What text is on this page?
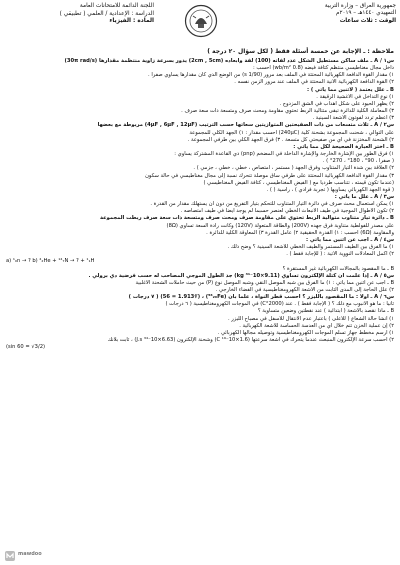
جمهورية العراق – وزارة التربية
التمهيدي ١٤٤٠هـ – ٢٠١٩م
الوقت : ثلاث ساعات
اللجنة الدائمة للامتحانات العامة
الدراسة : الإعدادية / العلمي ( تطبيقي )
المادة : الفيزياء
ملاحظة : ـ الإجابة عن خمسة أسئلة فقط ( لكل سؤال ٢٠ درجة )

س١ / A ـ ملف ساكن مستطيل الشكل عدد لفاته (100) لفة وأبعاده (2cm , 5cm) يدور بسرعة زاوية منتظمة مقدارها (30π rad/s)

داخل مجال مغناطيسي منتظم كثافة فيضه (0.8 wb/m²) احسب :

١) مقدار القوة الدافعة الكهربائية المحتثة في الملف بعد مرور (1/90 s) من الوضع الذي كان مقدارها يساوي صفراً .

٢) القوة الدافعة الكهربائية الآنية المحتثة في الملف عند مرور الزمن نفسه .

B ـ علل يعتمد ( لاثنين مما يأتي ) :

١) نوع التداخل في الأغشية الرقيقة .

٢) يظهر الحيود على شكل أهداب في الشق المزدوج .

٣) المعاملة الكلية للدائرة تبقى متتالية الربط تحتوي مقاومة ومحث صرف ومتسعة ذات سعة صرف .

٣) أعظم تردد لفوتون الأشعة السينية .

س٢ / A ـ ثلاث متسعات من ذات الصفيحتين المتوازيتين سعاتها حسب الترتيب (4μF , 6μF , 12μF) مربوطة مع بعضها

على التوالي ، شحنت المجموعة بشحنة كلية (240μC) احسب مقدار : ١) الجهد الكلي للمجموعة

٢) الشحنة المختزنة في أي من صفيحتي كل متسعة . ٣) فرق الجهد الكلي بين طرفي المجموعة .

B ـ اختر العبارة الصحيحة لكل مما يأتي :

١) فرق الطور بين الإشارة الخارجة والإشارة الداخلة في المضخم (pnp) ذي القاعدة المشتركة يساوي :

( صفراً ، 90° ، 180° ، 270° ) .

٢) العلاقة بين شدة التيار المتناوب وفرق الجهد ( مستمر ، امتصاص ، خطي ، خطي ، جزمي ) .

٣) مقدار القوة الدافعة الكهربائية المحتثة على طرفي ساق موصلة تتحرك نسبة إلى مجال مغناطيسي في حالة سكون

(عندما تكون قيمته ، تتناسب طردياً مع ( الفيض المغناطيسي ، كثافة الفيض المغناطيسي )

( قوة الجهد الكهربائي يساويها ( تجربة فرادي ) ، رأسية ( ) .

س٣ / A ـ علل ما يأتي :

١) يمكن استعمال محث صرف في دائرة التيار المتناوب للتحكم بتيار التفريغ من دون أن يستهلك مقدار من القدرة .

٢) تكون الأطوال الموجية في طيف الانبعاث الخطي لعنصر حسبما لم يوجد أيضاً في طيف امتصاصه .

B ـ دائرة تيار متناوب متوالية الربط تحتوي على مقاومة صرف ومحث صرف ومتسعة ذات سعة صرف ربطت المجموعة

على مصدر للفولطية متناوبة فرق جهده (200V) والطاقة المتعولة (120V) وكانت رادة السعة تساوي (8Ω)

والمقاومة (6Ω) احسب : ١) القدرة الحقيقية ٢) عامل القدرة ٣) المعاوقة الكلية للدائرة .

س٤ / A ـ أجب عن اثنين مما يأتي :

١) ما الفرق بين الطيف المستمر والطيف الخطي للأشعة السينية ؟ وضح ذلك .

٢) أكمل المعادلات النووية الآتية : ( للإجابة فقط ) .

a) ¹₀n → ? b) ⁴₂He + ¹⁴₇N → ? + ¹₁H

B ـ ما المقصود بالمجالات الكهربائية غير المستقرة ؟

س٥ / A ـ إذا علمت أن كتلة الإلكترون تساوي (9.11×10⁻³¹ kg) جد الطول الموجي المصاحب له حسب فرضية دي برولي .

B ـ أجب عن اثنين مما يأتي : ١) ما الفرق بين شبه الموصل النقي وشبه الموصل نوع (P) من حيث حاملات الشحنة الأغلبية

٢) علل الحاجة إلى المدى الثابت من الأشعة الكهرومغناطيسية في الفضاء الخارجي .

س٦ / A ـ أولاً : ما المقصود بالليزر ؟ احسب قطر النواة ، علماً بأن (⁵⁶₂₆Fe) ، (∛56 = 1.913) ( ٧ درجات )

ثانياً : ما هو الأنبوب مع ذلك ؟ ( الإجابة فقط ) . عند (2000°C) في الموجات الكهرومغناطيسية ( ٦ درجات )

B ـ ماذا نقصد بالأشعة ( ابتدائية ) عند نقطتين وضعين متساوية ؟

١) انشأ حالة الشعاع ( للأعلى ) باعتبار عدم الانتقال للأسفل في مصباح الليزر .

٢) إن عملية الخزن تتم خلال أي من العدسة الحساسة للأشعة الكهربائية .

١) ارسم مخطط جهاز تسلم الموجات الكهرومغناطيسية وتوصيله مجالها الكهربائي .

٢) احسب سرعة الإلكترون المنبعث عندما يتحرك في أشعة سرعتها (1.6×10⁻¹⁹ C) وشحنة الإلكترون (6.63×10⁻³⁴ J.s) ، ثابت بلانك

(sin 60 = √3/2)

mawdoo
